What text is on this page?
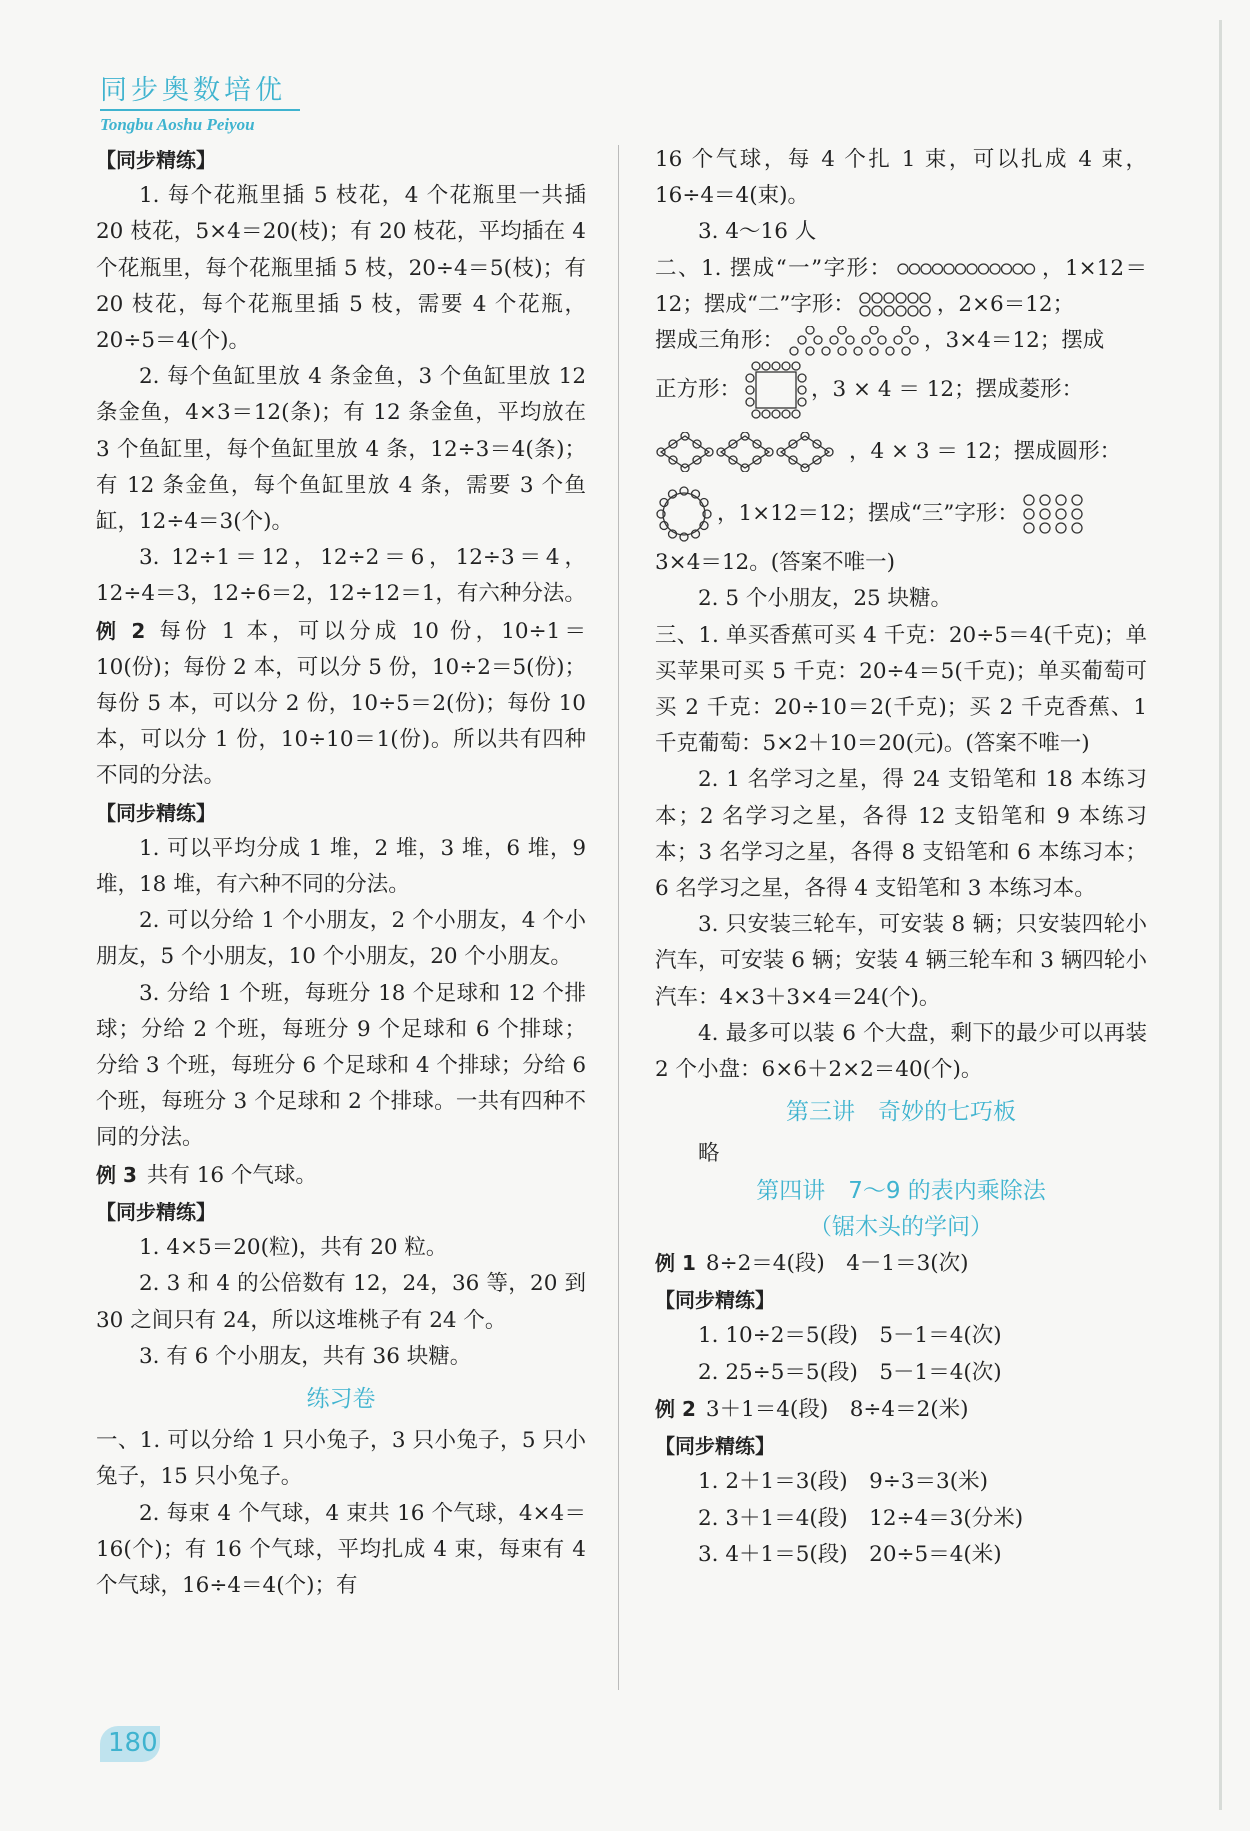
同步奥数培优
Tongbu Aoshu Peiyou

【同步精练】

1. 每个花瓶里插 5 枝花，4 个花瓶里一共插 20 枝花，5×4＝20(枝)；有 20 枝花，平均插在 4 个花瓶里，每个花瓶里插 5 枝，20÷4＝5(枝)；有 20 枝花，每个花瓶里插 5 枝，需要 4 个花瓶，20÷5＝4(个)。

2. 每个鱼缸里放 4 条金鱼，3 个鱼缸里放 12 条金鱼，4×3＝12(条)；有 12 条金鱼，平均放在 3 个鱼缸里，每个鱼缸里放 4 条，12÷3＝4(条)；有 12 条金鱼，每个鱼缸里放 4 条，需要 3 个鱼缸，12÷4＝3(个)。

3. 12÷1＝12，12÷2＝6，12÷3＝4，12÷4＝3，12÷6＝2，12÷12＝1，有六种分法。

例 2 每份 1 本，可以分成 10 份，10÷1＝10(份)；每份 2 本，可以分 5 份，10÷2＝5(份)；每份 5 本，可以分 2 份，10÷5＝2(份)；每份 10 本，可以分 1 份，10÷10＝1(份)。所以共有四种不同的分法。

【同步精练】

1. 可以平均分成 1 堆，2 堆，3 堆，6 堆，9 堆，18 堆，有六种不同的分法。

2. 可以分给 1 个小朋友，2 个小朋友，4 个小朋友，5 个小朋友，10 个小朋友，20 个小朋友。

3. 分给 1 个班，每班分 18 个足球和 12 个排球；分给 2 个班，每班分 9 个足球和 6 个排球；分给 3 个班，每班分 6 个足球和 4 个排球；分给 6 个班，每班分 3 个足球和 2 个排球。一共有四种不同的分法。

例 3 共有 16 个气球。

【同步精练】

1. 4×5＝20(粒)，共有 20 粒。

2. 3 和 4 的公倍数有 12，24，36 等，20 到 30 之间只有 24，所以这堆桃子有 24 个。

3. 有 6 个小朋友，共有 36 块糖。

练习卷

一、1. 可以分给 1 只小兔子，3 只小兔子，5 只小兔子，15 只小兔子。

2. 每束 4 个气球，4 束共 16 个气球，4×4＝16(个)；有 16 个气球，平均扎成 4 束，每束有 4 个气球，16÷4＝4(个)；有

16 个气球，每 4 个扎 1 束，可以扎成 4 束，16÷4＝4(束)。

3. 4～16 人

二、1. 摆成“一”字形：	，1×12＝12；摆成“二”字形：	，2×6＝12；

摆成三角形：	，3×4＝12；摆成

正方形：	，3 × 4 ＝ 12；摆成菱形：

，4 × 3 ＝ 12；摆成圆形：

，1×12＝12；摆成“三”字形：

3×4＝12。(答案不唯一)

2. 5 个小朋友，25 块糖。

三、1. 单买香蕉可买 4 千克：20÷5＝4(千克)；单买苹果可买 5 千克：20÷4＝5(千克)；单买葡萄可买 2 千克：20÷10＝2(千克)；买 2 千克香蕉、1 千克葡萄：5×2＋10＝20(元)。(答案不唯一)

2. 1 名学习之星，得 24 支铅笔和 18 本练习本；2 名学习之星，各得 12 支铅笔和 9 本练习本；3 名学习之星，各得 8 支铅笔和 6 本练习本；6 名学习之星，各得 4 支铅笔和 3 本练习本。

3. 只安装三轮车，可安装 8 辆；只安装四轮小汽车，可安装 6 辆；安装 4 辆三轮车和 3 辆四轮小汽车：4×3＋3×4＝24(个)。

4. 最多可以装 6 个大盘，剩下的最少可以再装 2 个小盘：6×6＋2×2＝40(个)。

第三讲　奇妙的七巧板

略

第四讲　7～9 的表内乘除法

（锯木头的学问）

例 1 8÷2＝4(段)　4－1＝3(次)

【同步精练】

1. 10÷2＝5(段)　5－1＝4(次)

2. 25÷5＝5(段)　5－1＝4(次)

例 2 3＋1＝4(段)　8÷4＝2(米)

【同步精练】

1. 2＋1＝3(段)　9÷3＝3(米)

2. 3＋1＝4(段)　12÷4＝3(分米)

3. 4＋1＝5(段)　20÷5＝4(米)

180
